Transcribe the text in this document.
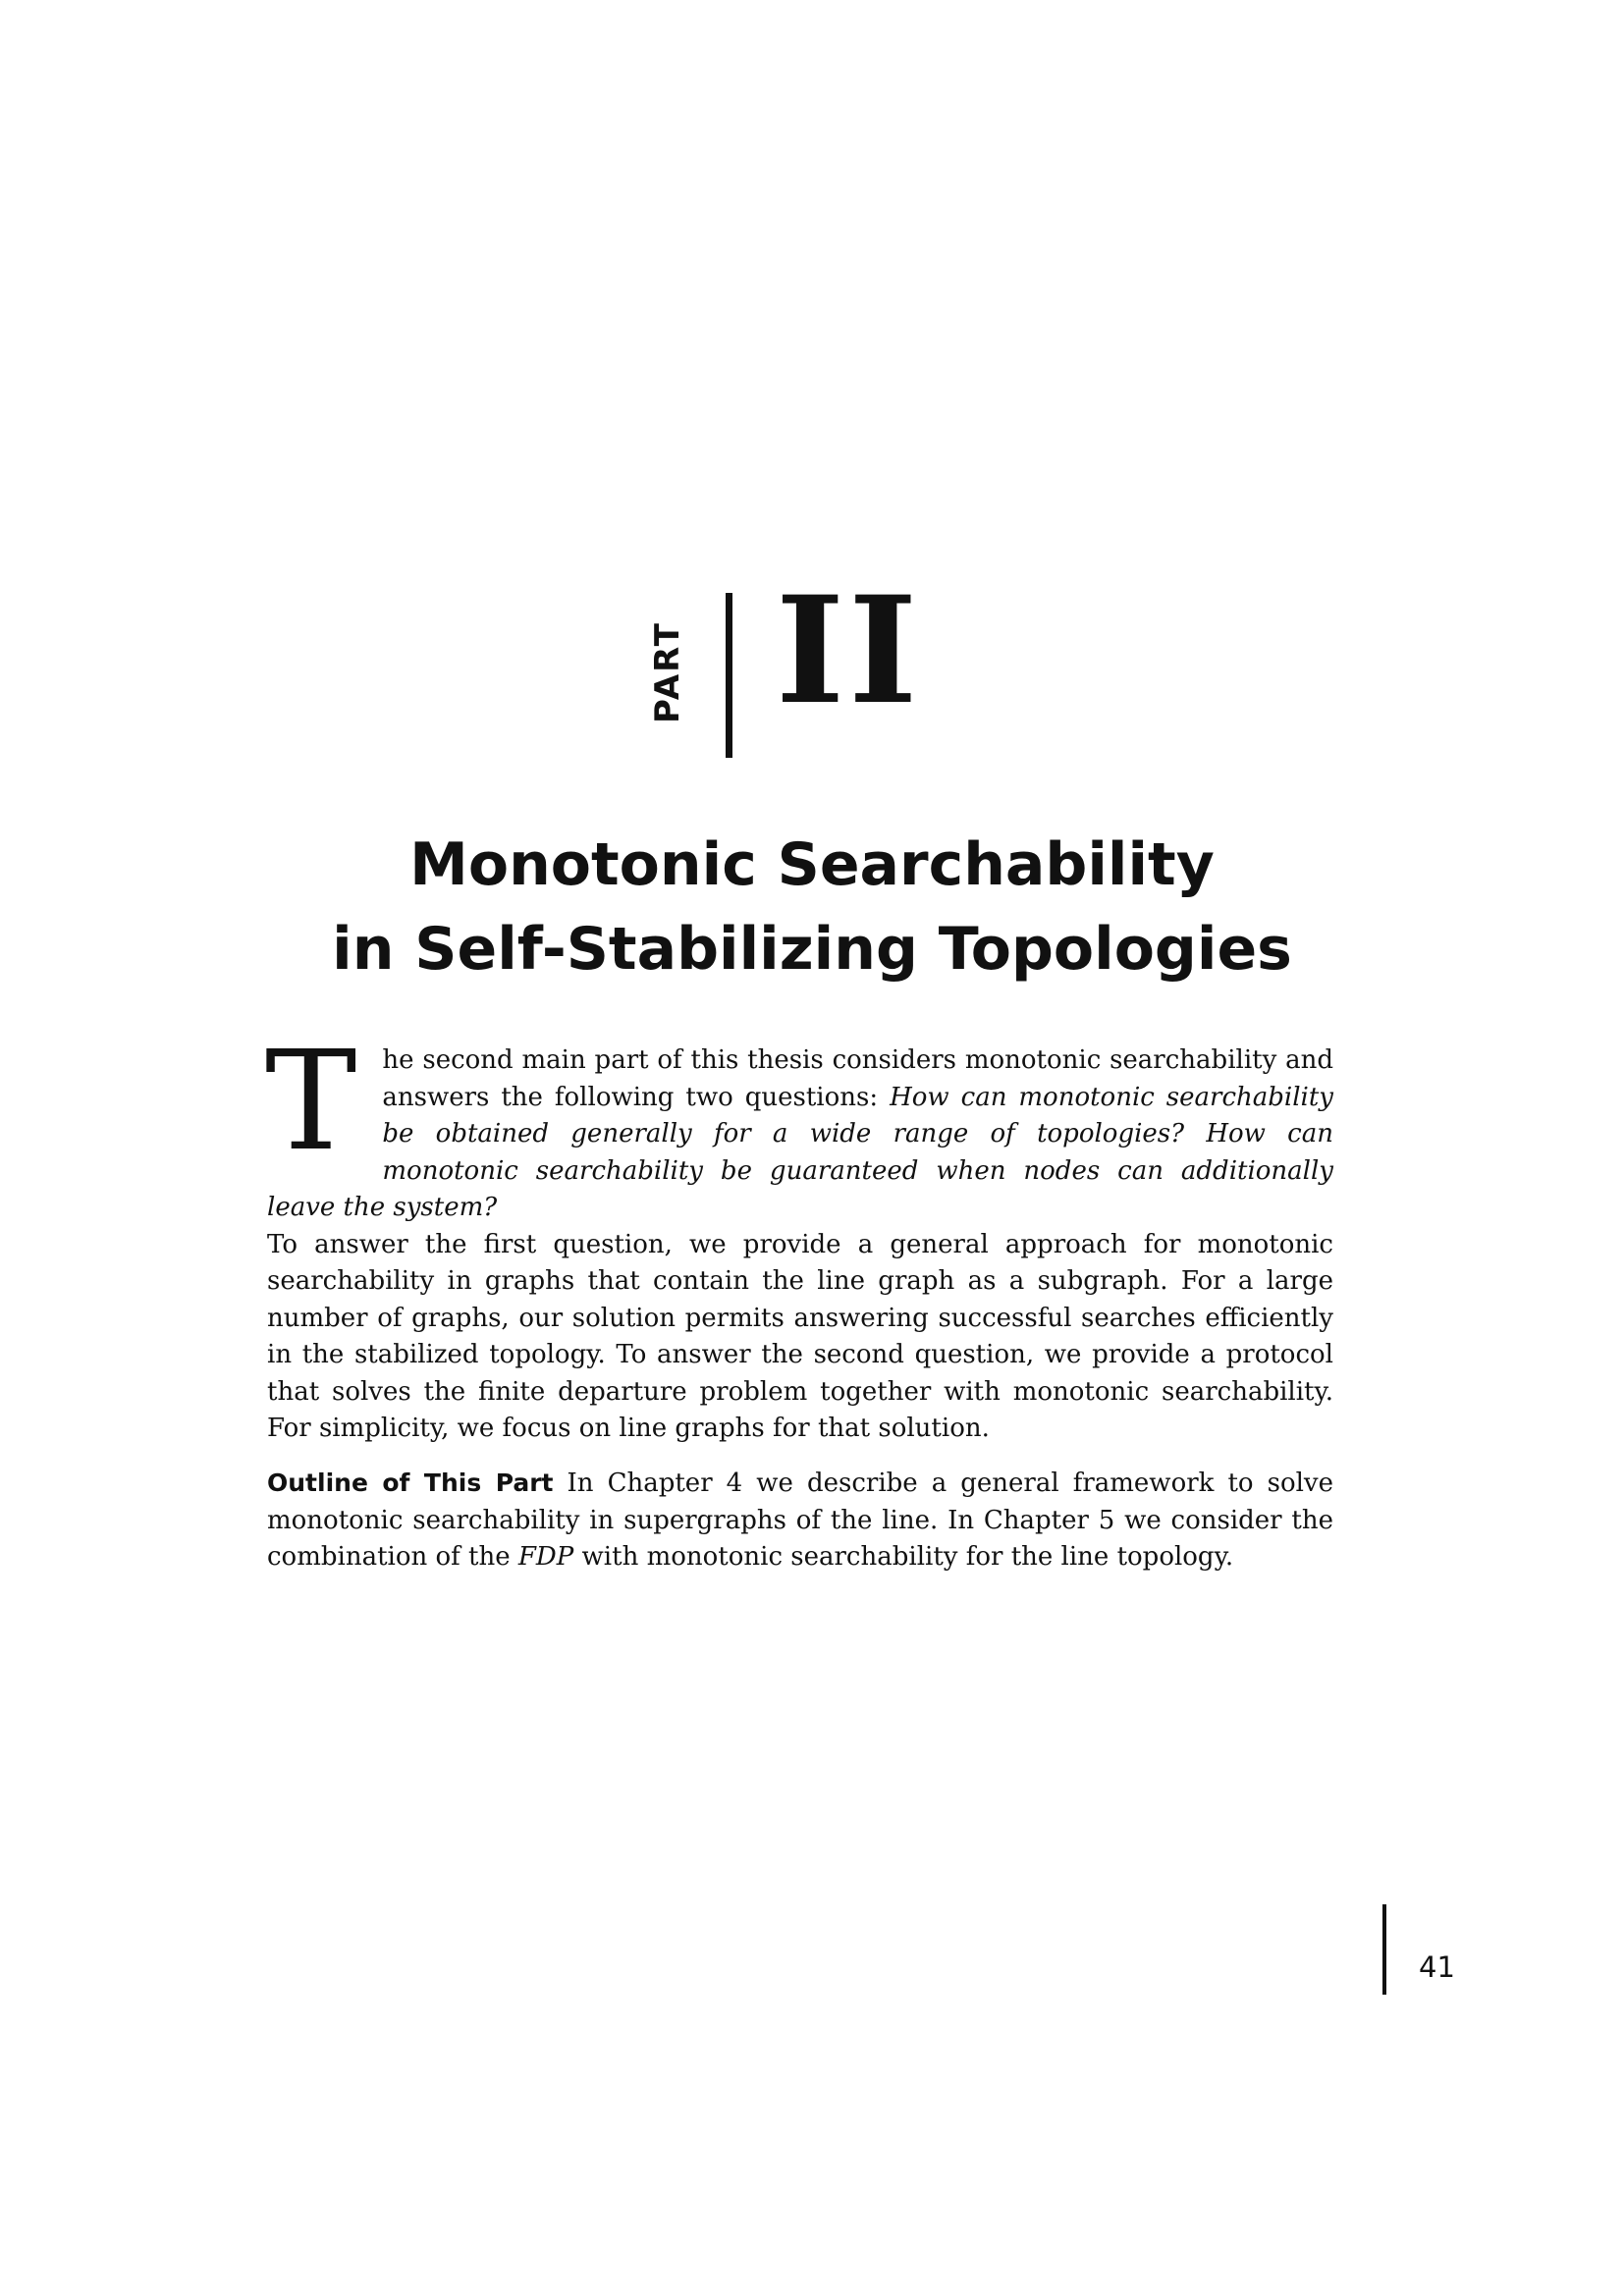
PART II
Monotonic Searchability
in Self-Stabilizing Topologies

T he second main part of this thesis considers monotonic searchability and answers the following two questions: How can monotonic searchability be obtained generally for a wide range of topologies? How can monotonic searchability be guaranteed when nodes can additionally leave the system?

To answer the first question, we provide a general approach for monotonic searchability in graphs that contain the line graph as a subgraph. For a large number of graphs, our solution permits answering successful searches efficiently in the stabilized topology. To answer the second question, we provide a protocol that solves the finite departure problem together with monotonic searchability. For simplicity, we focus on line graphs for that solution.

Outline of This Part In Chapter 4 we describe a general framework to solve monotonic searchability in supergraphs of the line. In Chapter 5 we consider the combination of the FDP with monotonic searchability for the line topology.

41
